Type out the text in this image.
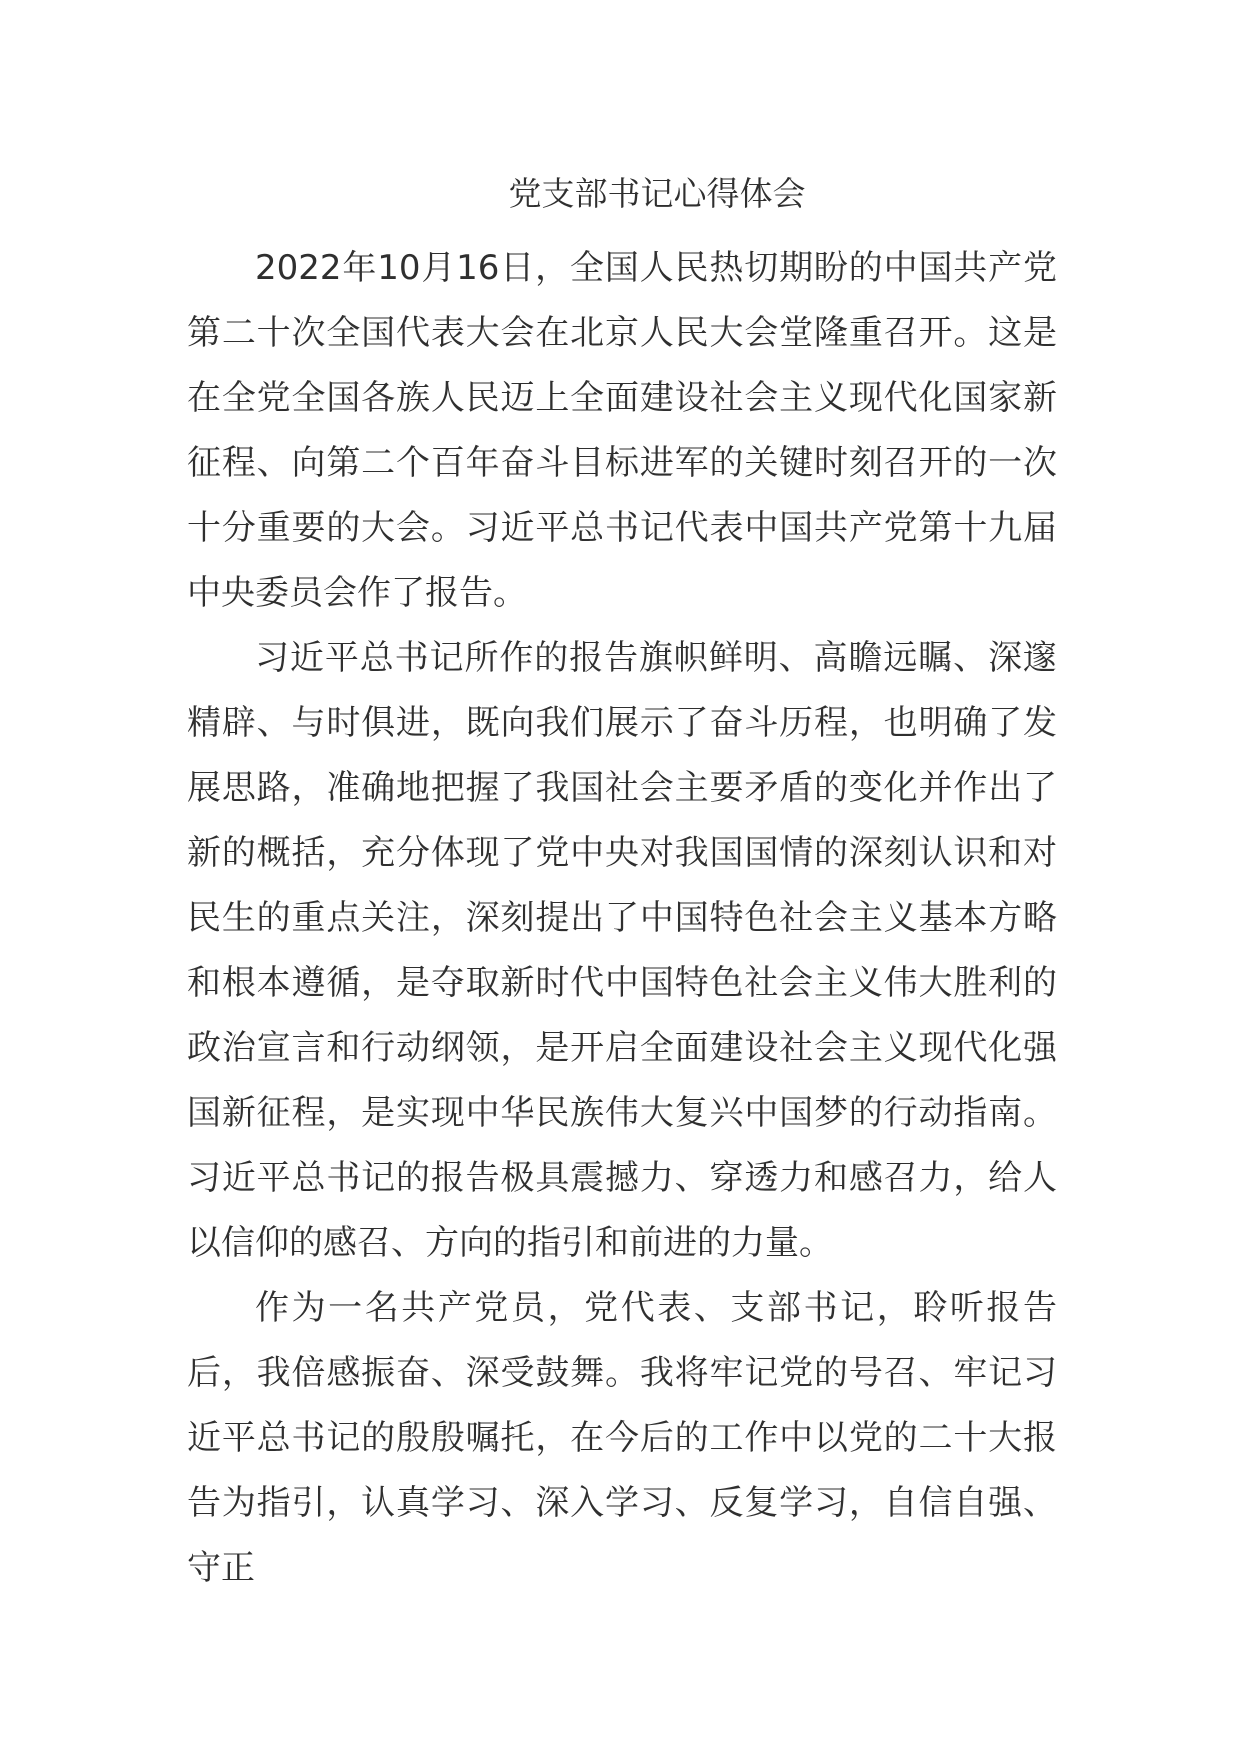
党支部书记心得体会

2022年10月16日，全国人民热切期盼的中国共产党第二十次全国代表大会在北京人民大会堂隆重召开。这是在全党全国各族人民迈上全面建设社会主义现代化国家新征程、向第二个百年奋斗目标进军的关键时刻召开的一次十分重要的大会。习近平总书记代表中国共产党第十九届中央委员会作了报告。

习近平总书记所作的报告旗帜鲜明、高瞻远瞩、深邃精辟、与时俱进，既向我们展示了奋斗历程，也明确了发展思路，准确地把握了我国社会主要矛盾的变化并作出了新的概括，充分体现了党中央对我国国情的深刻认识和对民生的重点关注，深刻提出了中国特色社会主义基本方略和根本遵循，是夺取新时代中国特色社会主义伟大胜利的政治宣言和行动纲领，是开启全面建设社会主义现代化强国新征程，是实现中华民族伟大复兴中国梦的行动指南。习近平总书记的报告极具震撼力、穿透力和感召力，给人以信仰的感召、方向的指引和前进的力量。

作为一名共产党员，党代表、支部书记，聆听报告后，我倍感振奋、深受鼓舞。我将牢记党的号召、牢记习近平总书记的殷殷嘱托，在今后的工作中以党的二十大报告为指引，认真学习、深入学习、反复学习，自信自强、守正
